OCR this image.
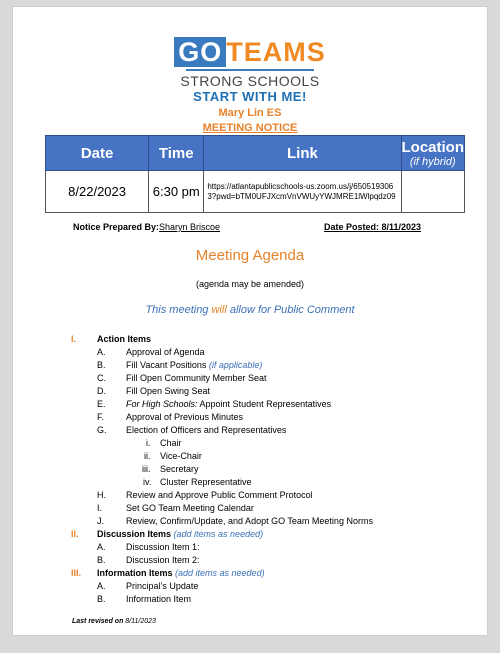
GO TEAMS
STRONG SCHOOLS
START WITH ME!
Mary Lin ES
MEETING NOTICE
Date	Time	Link	Location
(if hybrid)

8/22/2023	6:30 pm	https://atlantapublicschools-us.zoom.us/j/6505193063?pwd=bTM0UFJXcmVnVWUyYWJMRE1lWlpqdz09	
Notice Prepared By:Sharyn Briscoe	Date Posted: 8/11/2023
Meeting Agenda
(agenda may be amended)
This meeting will allow for Public Comment
I. Action Items
A. Approval of Agenda
B. Fill Vacant Positions (if applicable)
C. Fill Open Community Member Seat
D. Fill Open Swing Seat
E. For High Schools: Appoint Student Representatives
F. Approval of Previous Minutes
G. Election of Officers and Representatives
i. Chair
ii. Vice-Chair
iii. Secretary
iv. Cluster Representative
H. Review and Approve Public Comment Protocol
I.	Set GO Team Meeting Calendar
J. Review, Confirm/Update, and Adopt GO Team Meeting Norms
II. Discussion Items (add items as needed)
A. Discussion Item 1:
B. Discussion Item 2:
III. Information Items (add items as needed)
A. Principal’s Update
B. Information Item
Last revised on 8/11/2023
